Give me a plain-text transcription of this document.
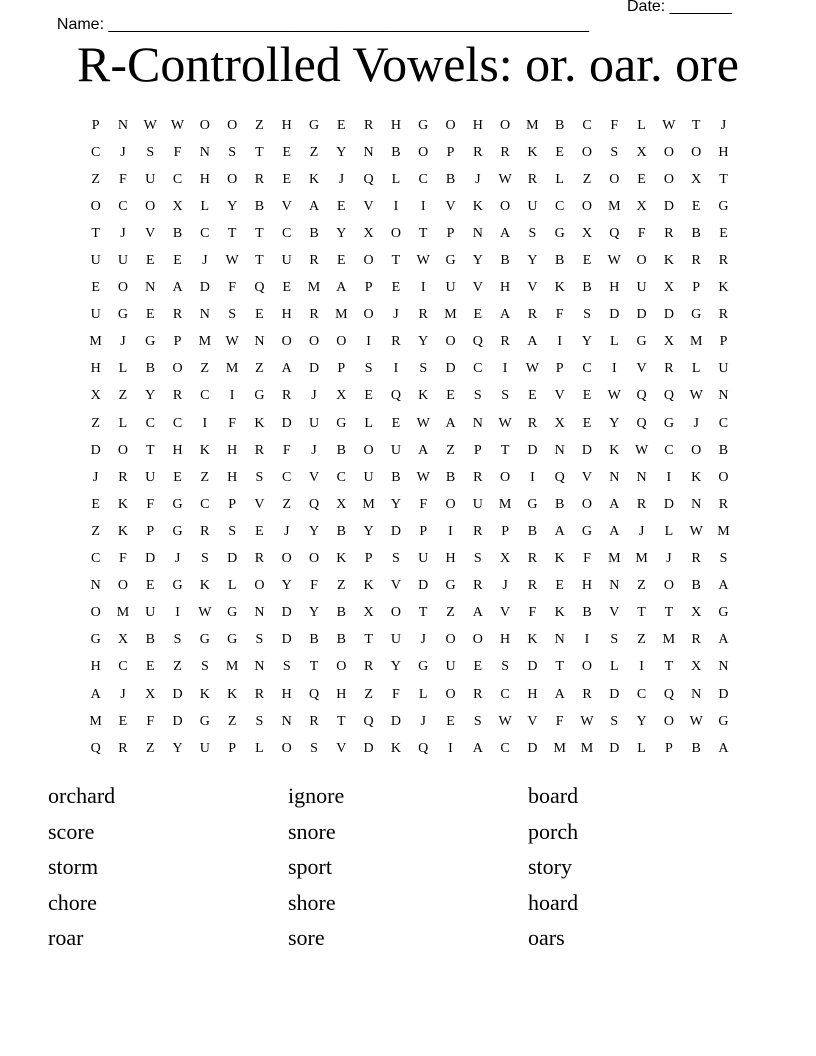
Name: ______________________________________________________

Date: _______

R-Controlled Vowels: or. oar. ore
P	N	W	W	O	O	Z	H	G	E	R	H	G	O	H	O	M	B	C	F	L	W	T	J
C	J	S	F	N	S	T	E	Z	Y	N	B	O	P	R	R	K	E	O	S	X	O	O	H
Z	F	U	C	H	O	R	E	K	J	Q	L	C	B	J	W	R	L	Z	O	E	O	X	T
O	C	O	X	L	Y	B	V	A	E	V	I	I	V	K	O	U	C	O	M	X	D	E	G
T	J	V	B	C	T	T	C	B	Y	X	O	T	P	N	A	S	G	X	Q	F	R	B	E
U	U	E	E	J	W	T	U	R	E	O	T	W	G	Y	B	Y	B	E	W	O	K	R	R
E	O	N	A	D	F	Q	E	M	A	P	E	I	U	V	H	V	K	B	H	U	X	P	K
U	G	E	R	N	S	E	H	R	M	O	J	R	M	E	A	R	F	S	D	D	D	G	R
M	J	G	P	M	W	N	O	O	O	I	R	Y	O	Q	R	A	I	Y	L	G	X	M	P
H	L	B	O	Z	M	Z	A	D	P	S	I	S	D	C	I	W	P	C	I	V	R	L	U
X	Z	Y	R	C	I	G	R	J	X	E	Q	K	E	S	S	E	V	E	W	Q	Q	W	N
Z	L	C	C	I	F	K	D	U	G	L	E	W	A	N	W	R	X	E	Y	Q	G	J	C
D	O	T	H	K	H	R	F	J	B	O	U	A	Z	P	T	D	N	D	K	W	C	O	B
J	R	U	E	Z	H	S	C	V	C	U	B	W	B	R	O	I	Q	V	N	N	I	K	O
E	K	F	G	C	P	V	Z	Q	X	M	Y	F	O	U	M	G	B	O	A	R	D	N	R
Z	K	P	G	R	S	E	J	Y	B	Y	D	P	I	R	P	B	A	G	A	J	L	W	M
C	F	D	J	S	D	R	O	O	K	P	S	U	H	S	X	R	K	F	M	M	J	R	S
N	O	E	G	K	L	O	Y	F	Z	K	V	D	G	R	J	R	E	H	N	Z	O	B	A
O	M	U	I	W	G	N	D	Y	B	X	O	T	Z	A	V	F	K	B	V	T	T	X	G
G	X	B	S	G	G	S	D	B	B	T	U	J	O	O	H	K	N	I	S	Z	M	R	A
H	C	E	Z	S	M	N	S	T	O	R	Y	G	U	E	S	D	T	O	L	I	T	X	N
A	J	X	D	K	K	R	H	Q	H	Z	F	L	O	R	C	H	A	R	D	C	Q	N	D
M	E	F	D	G	Z	S	N	R	T	Q	D	J	E	S	W	V	F	W	S	Y	O	W	G
Q	R	Z	Y	U	P	L	O	S	V	D	K	Q	I	A	C	D	M	M	D	L	P	B	A
orchard	ignore	board
score	snore	porch
storm	sport	story
chore	shore	hoard
roar	sore	oars
